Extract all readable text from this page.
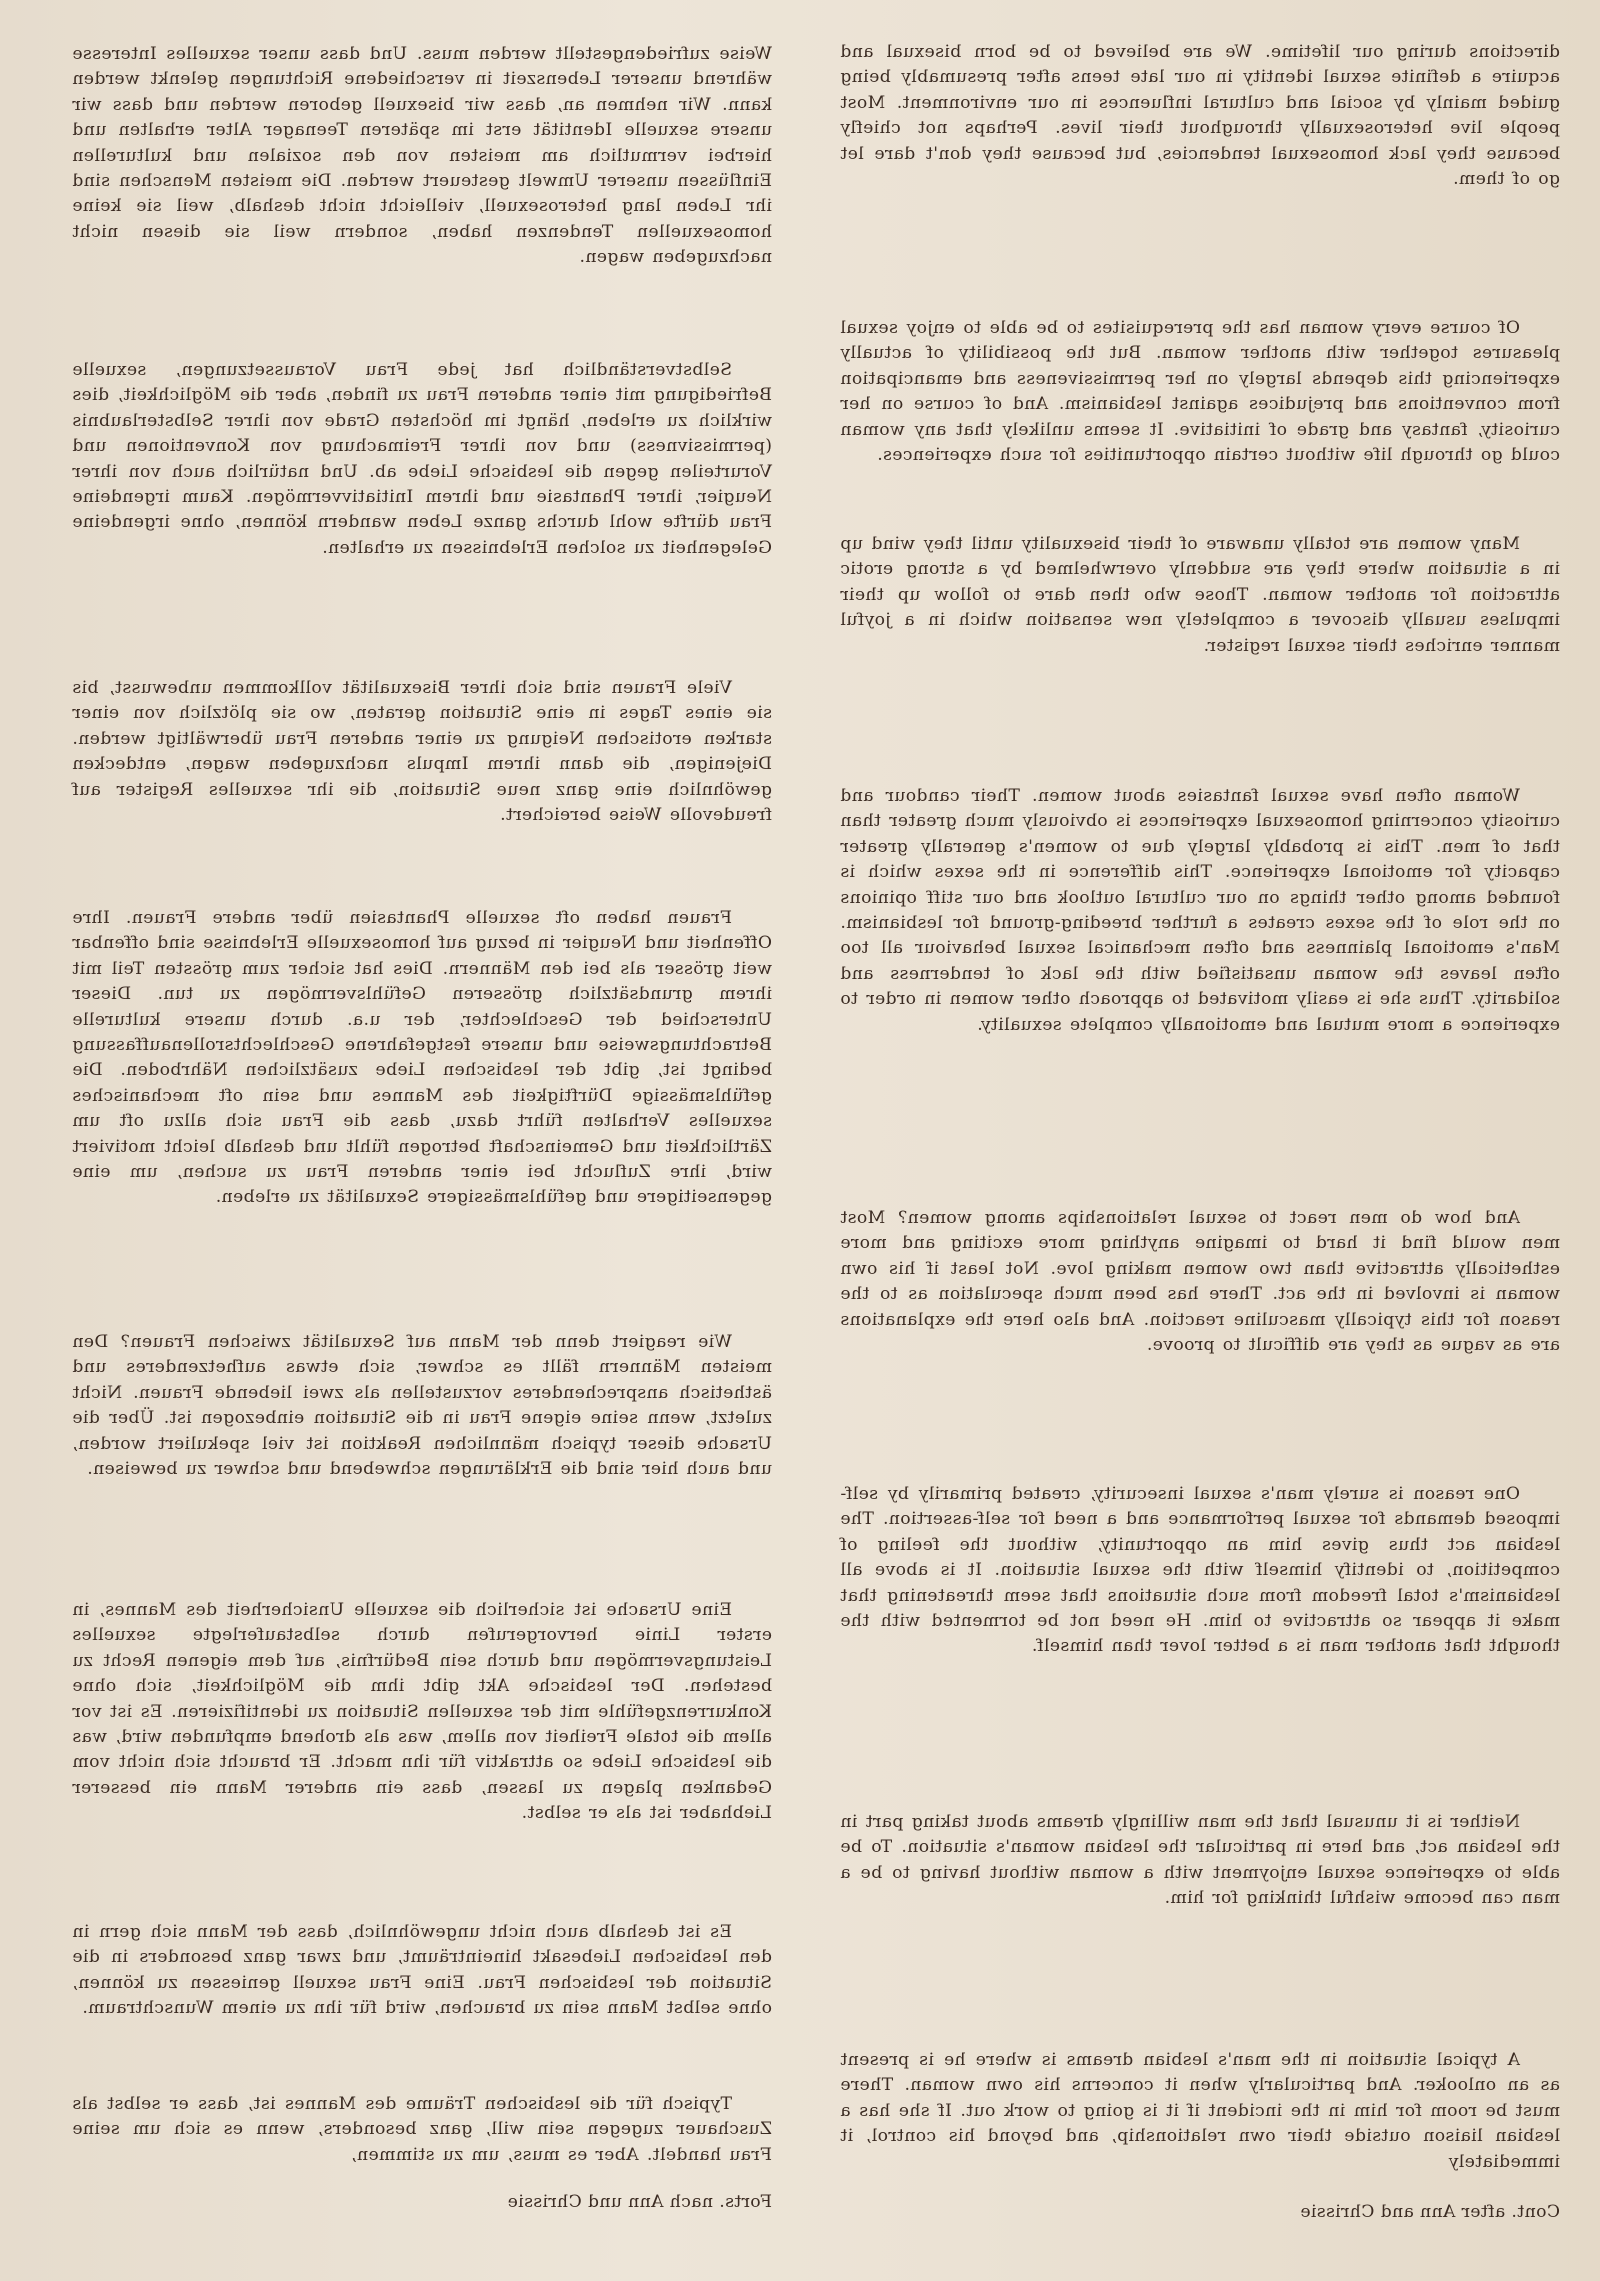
directions during our lifetime. We are believed to be born bisexual and acquire a definite sexual identity in our late teens after presumably being guided mainly by social and cultural influences in our environment. Most people live heterosexually throughout their lives. Perhaps not chiefly because they lack homosexual tendencies, but because they don't dare let go of them.

Of course every woman has the prerequisites to be able to enjoy sexual pleasures together with another woman. But the possibility of actually experiencing this depends largely on her permissiveness and emancipation from conventions and prejudices against lesbianism. And of course on her curiosity, fantasy and grade of initiative. It seems unlikely that any woman could go through life without certain opportunities for such experiences.

Many women are totally unaware of their bisexuality until they wind up in a situation where they are suddenly overwhelmed by a strong erotic attraction for another woman. Those who then dare to follow up their impulses usually discover a completely new sensation which in a joyful manner enriches their sexual register.

Woman often have sexual fantasies about women. Their candour and curiosity concerning homosexual experiences is obviously much greater than that of men. This is probably largely due to women's generally greater capacity for emotional experience. This difference in the sexes which is founded among other things on our cultural outlook and our stiff opinions on the role of the sexes creates a further breeding-ground for lesbianism. Man's emotional plainness and often mechanical sexual behaviour all too often leaves the woman unsatisfied with the lack of tenderness and solidarity. Thus she is easily motivated to approach other women in order to experience a more mutual and emotionally complete sexuality.

And how do men react to sexual relationships among women? Most men would find it hard to imagine anything more exciting and more esthetically attractive than two women making love. Not least if his own woman is involved in the act. There has been much speculation as to the reason for this typically masculine reaction. And also here the explanations are as vague as they are difficult to proove.

One reason is surely man's sexual insecurity, created primarily by self-imposed demands for sexual performance and a need for self-assertion. The lesbian act thus gives him an opportunity, without the feeling of competition, to identify himself with the sexual situation. It is above all lesbianism's total freedom from such situations that seem threatening that make it appear so attractive to him. He need not be tormented with the thought that another man is a better lover than himself.

Neither is it unusual that the man willingly dreams about taking part in the lesbian act, and here in particular the lesbian woman's situation. To be able to experience sexual enjoyment with a woman without having to be a man can become wishful thinking for him.

A typical situation in the man's lesbian dreams is where he is present as an onlooker. And particularly when it concerns his own woman. There must be room for him in the incident if it is going to work out. If she has a lesbian liaison outside their own relationship, and beyond his control, it immediately

Cont. after Ann and Chrissie

Weise zufriedengestellt werden muss. Und dass unser sexuelles Interesse während unserer Lebenszeit in verschiedene Richtungen gelenkt werden kann. Wir nehmen an, dass wir bisexuell geboren werden und dass wir unsere sexuelle Identität erst im späteren Teenager Alter erhalten und hierbei vermutlich am meisten von den sozialen und kulturellen Einflüssen unserer Umwelt gesteuert werden. Die meisten Menschen sind ihr Leben lang heterosexuell, vielleicht nicht deshalb, weil sie keine homosexuellen Tendenzen haben, sondern weil sie diesen nicht nachzugeben wagen.

Selbstverständlich hat jede Frau Voraussetzungen, sexuelle Befriedigung mit einer anderen Frau zu finden, aber die Möglichkeit, dies wirklich zu erleben, hängt im höchsten Grade von ihrer Selbsterlaubnis (permissivness) und von ihrer Freimachung von Konventionen und Vorurteilen gegen die lesbische Liebe ab. Und natürlich auch von ihrer Neugier, ihrer Phantasie und ihrem Initiativvermögen. Kaum irgendeine Frau dürfte wohl durchs ganze Leben wandern können, ohne irgendeine Gelegenheit zu solchen Erlebnissen zu erhalten.

Viele Frauen sind sich ihrer Bisexualität vollkommen unbewusst, bis sie eines Tages in eine Situation geraten, wo sie plötzlich von einer starken erotischen Neigung zu einer anderen Frau überwältigt werden. Diejenigen, die dann ihrem Impuls nachzugeben wagen, entdecken gewöhnlich eine ganz neue Situation, die ihr sexuelles Register auf freudevolle Weise bereichert.

Frauen haben oft sexuelle Phantasien über andere Frauen. Ihre Offenheit und Neugier in bezug auf homosexuelle Erlebnisse sind offenbar weit grösser als bei den Männern. Dies hat sicher zum grössten Teil mit ihrem grundsätzlich grösseren Gefühlsvermögen zu tun. Dieser Unterschied der Geschlechter, der u.a. durch unsere kulturelle Betrachtungsweise und unsere festgefahrene Geschlechtsrollenauffassung bedingt ist, gibt der lesbischen Liebe zusätzlichen Nährboden. Die gefühlsmässige Dürftigkeit des Mannes und sein oft mechanisches sexuelles Verhalten führt dazu, dass die Frau sich allzu oft um Zärtlichkeit und Gemeinschaft betrogen fühlt und deshalb leicht motiviert wird, ihre Zuflucht bei einer anderen Frau zu suchen, um eine gegenseitigere und gefühlsmässigere Sexualität zu erleben.

Wie reagiert denn der Mann auf Sexualität zwischen Frauen? Den meisten Männern fällt es schwer, sich etwas aufhetzenderes und ästhetisch ansprechenderes vorzustellen als zwei liebende Frauen. Nicht zuletzt, wenn seine eigene Frau in die Situation einbezogen ist. Über die Ursache dieser typisch männlichen Reaktion ist viel spekuliert worden, und auch hier sind die Erklärungen schwebend und schwer zu beweisen.

Eine Ursache ist sicherlich die sexuelle Unsicherheit des Mannes, in erster Linie hervorgerufen durch selbstauferlegte sexuelles Leistungsvermögen und durch sein Bedürfnis, auf dem eigenen Recht zu bestehen. Der lesbische Akt gibt ihm die Möglichkeit, sich ohne Konkurrenzgefühle mit der sexuellen Situation zu identifizieren. Es ist vor allem die totale Freiheit von allem, was als drohend empfunden wird, was die lesbische Liebe so attraktiv für ihn macht. Er braucht sich nicht vom Gedanken plagen zu lassen, dass ein anderer Mann ein besserer Liebhaber ist als er selbst.

Es ist deshalb auch nicht ungewöhnlich, dass der Mann sich gern in den lesbischen Liebesakt hineinträumt, und zwar ganz besonders in die Situation der lesbischen Frau. Eine Frau sexuell geniessen zu können, ohne selbst Mann sein zu brauchen, wird für ihn zu einem Wunschtraum.

Typisch für die lesbischen Träume des Mannes ist, dass er selbst als Zuschauer zugegen sein will, ganz besonders, wenn es sich um seine Frau handelt. Aber es muss, um zu stimmen,

Forts. nach Ann und Chrissie
